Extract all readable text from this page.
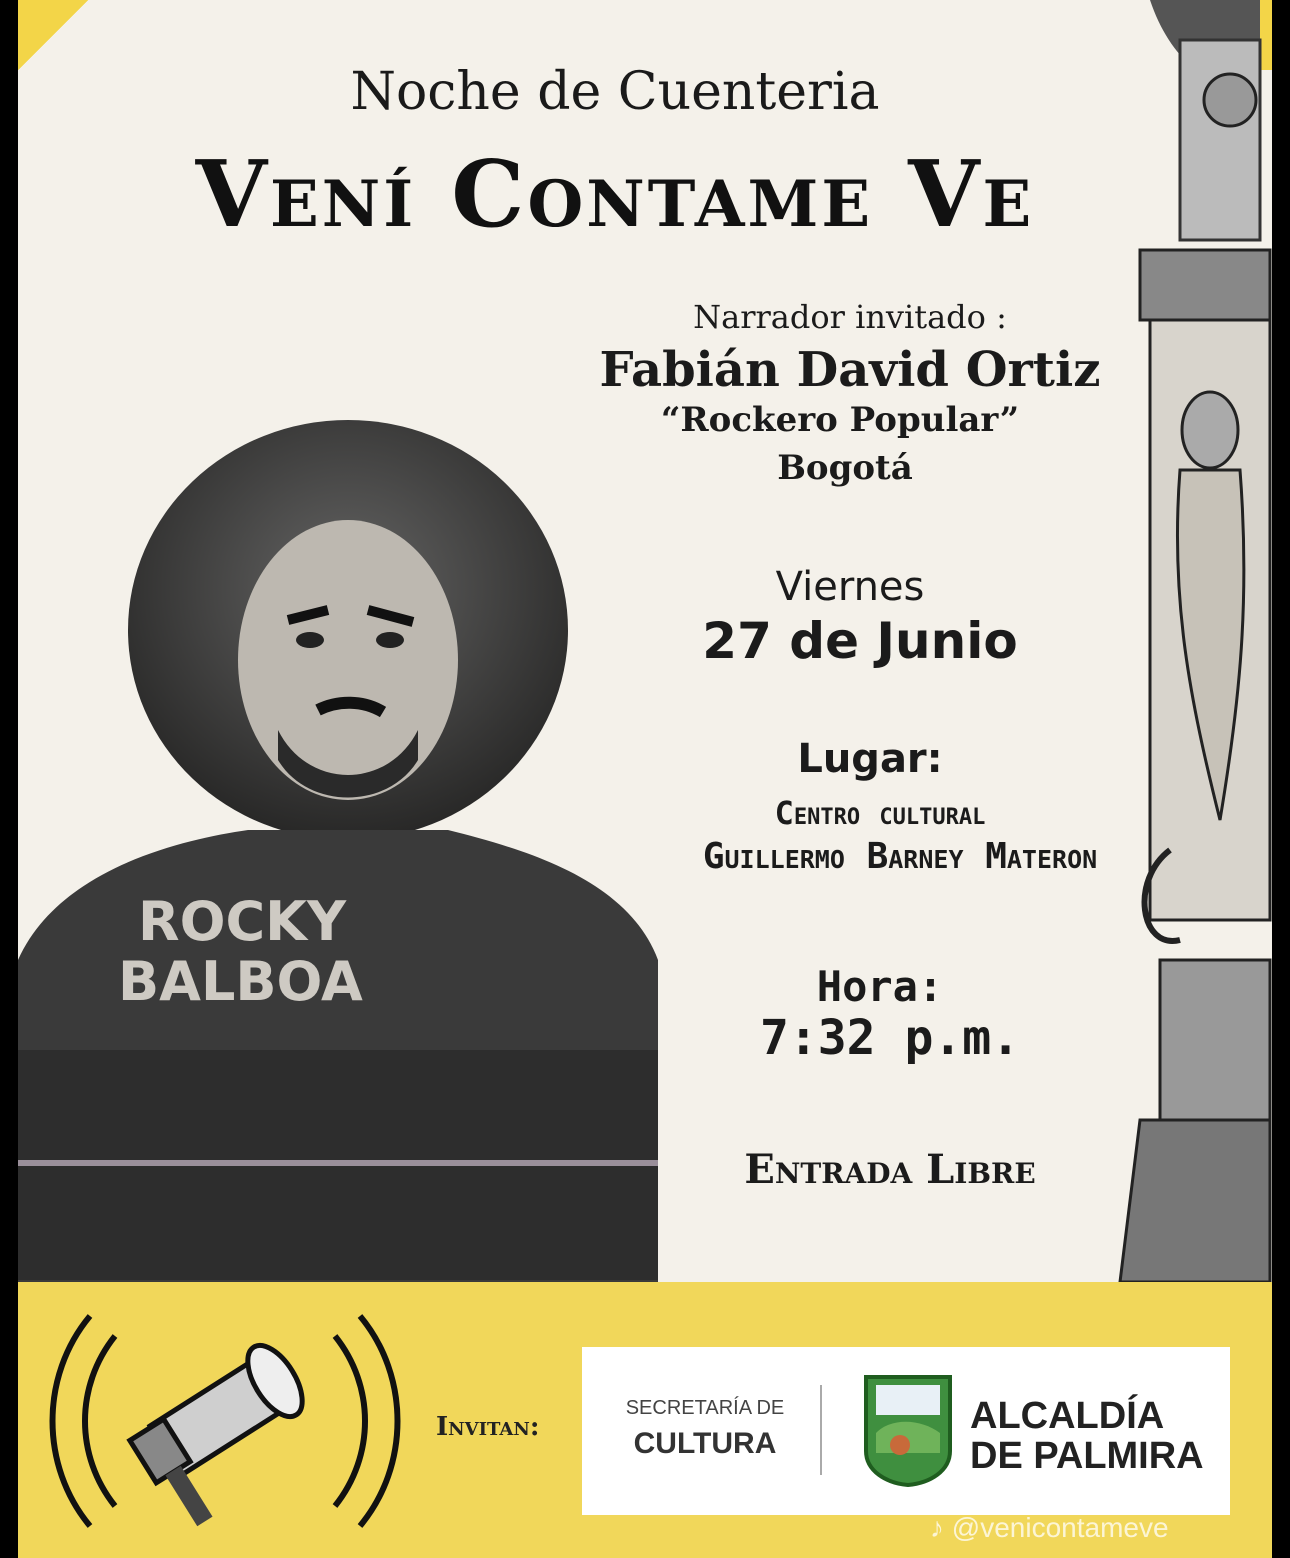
Noche de Cuenteria
Vení Contame Ve
Narrador invitado :
Fabián David Ortiz
“Rockero Popular”
Bogotá
Viernes
27 de Junio
Lugar:
Centro cultural
Guillermo Barney Materon
Hora:
7:32 p.m.
Entrada Libre
ROCKY
BALBOA
Invitan:
SECRETARÍA DE
CULTURA
ALCALDÍA
DE PALMIRA
♪ @venicontameve
